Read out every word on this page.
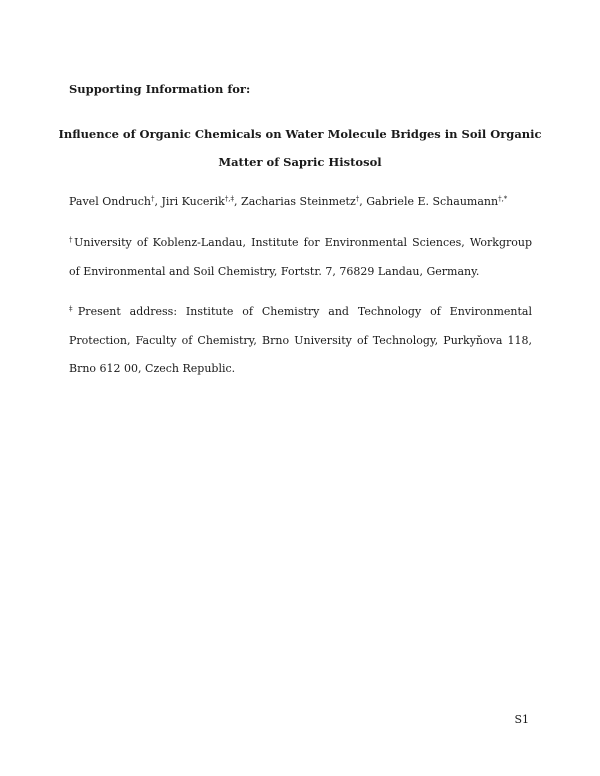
Supporting Information for:
Influence of Organic Chemicals on Water Molecule Bridges in Soil Organic Matter of Sapric Histosol
Pavel Ondruch†, Jiri Kucerik†,‡, Zacharias Steinmetz†, Gabriele E. Schaumann†,*
†University of Koblenz-Landau, Institute for Environmental Sciences, Workgroup of Environmental and Soil Chemistry, Fortstr. 7, 76829 Landau, Germany.
‡Present address: Institute of Chemistry and Technology of Environmental Protection, Faculty of Chemistry, Brno University of Technology, Purkyňova 118, Brno 612 00, Czech Republic.
S1
